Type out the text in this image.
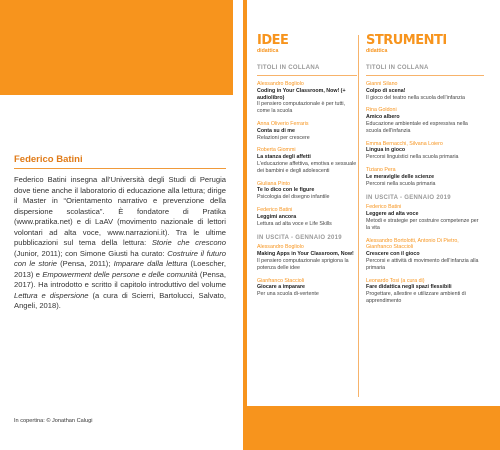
Federico Batini

Federico Batini insegna all’Università degli Studi di Perugia dove tiene anche il laboratorio di educazione alla lettura; dirige il Master in “Orientamento narrativo e prevenzione della dispersione scolastica”. È fondatore di Pratika (www.pratika.net) e di LaAV (movimento nazionale di lettori volontari ad alta voce, www.narrazioni.it). Tra le ultime pubblicazioni sul tema della lettura: Storie che crescono (Junior, 2011); con Simone Giusti ha curato: Costruire il futuro con le storie (Pensa, 2011); Imparare dalla lettura (Loescher, 2013) e Empowerment delle persone e delle comunità (Pensa, 2017). Ha introdotto e scritto il capitolo introduttivo del volume Lettura e dispersione (a cura di Scierri, Bartolucci, Salvato, Angeli, 2018).

In copertina: © Jonathan Calugi
IDEE
didattica
TITOLI IN COLLANA
Alessandro Bogliolo
Coding in Your Classroom, Now! (+ audiolibro)
Il pensiero computazionale è per tutti, come la scuola
Anna Oliverio Ferraris
Conta su di me
Relazioni per crescere
Roberta Giommi
La stanza degli affetti
L’educazione affettiva, emotiva e sessuale dei bambini e degli adolescenti
Giuliana Pinto
Te lo dico con le figure
Psicologia del disegno infantile
Federico Batini
Leggimi ancora
Lettura ad alta voce e Life Skills
IN USCITA - GENNAIO 2019
Alessandro Bogliolo
Making Apps in Your Classroom, Now!
Il pensiero computazionale sprigiona la potenza delle idee
Gianfranco Staccioli
Giocare a imparare
Per una scuola di-vertente
STRUMENTI
didattica
TITOLI IN COLLANA
Gianni Silano
Colpo di scena!
Il gioco del teatro nella scuola dell’infanzia
Rina Goldoni
Amico albero
Educazione ambientale ed espressiva nella scuola dell’infanzia
Emma Bernacchi, Silvana Loiero
Lingua in gioco
Percorsi linguistici nella scuola primaria
Tiziano Pera
Le meraviglie delle scienze
Percorsi nella scuola primaria
IN USCITA - GENNAIO 2019
Federico Batini
Leggere ad alta voce
Metodi e strategie per costruire competenze per la vita
Alessandro Bortolotti, Antonio Di Pietro, Gianfranco Staccioli
Crescere con il gioco
Percorsi e attività di movimento dell’infanzia alla primaria
Leonardo Tosi (a cura di)
Fare didattica negli spazi flessibili
Progettare, allestire e utilizzare ambienti di apprendimento
